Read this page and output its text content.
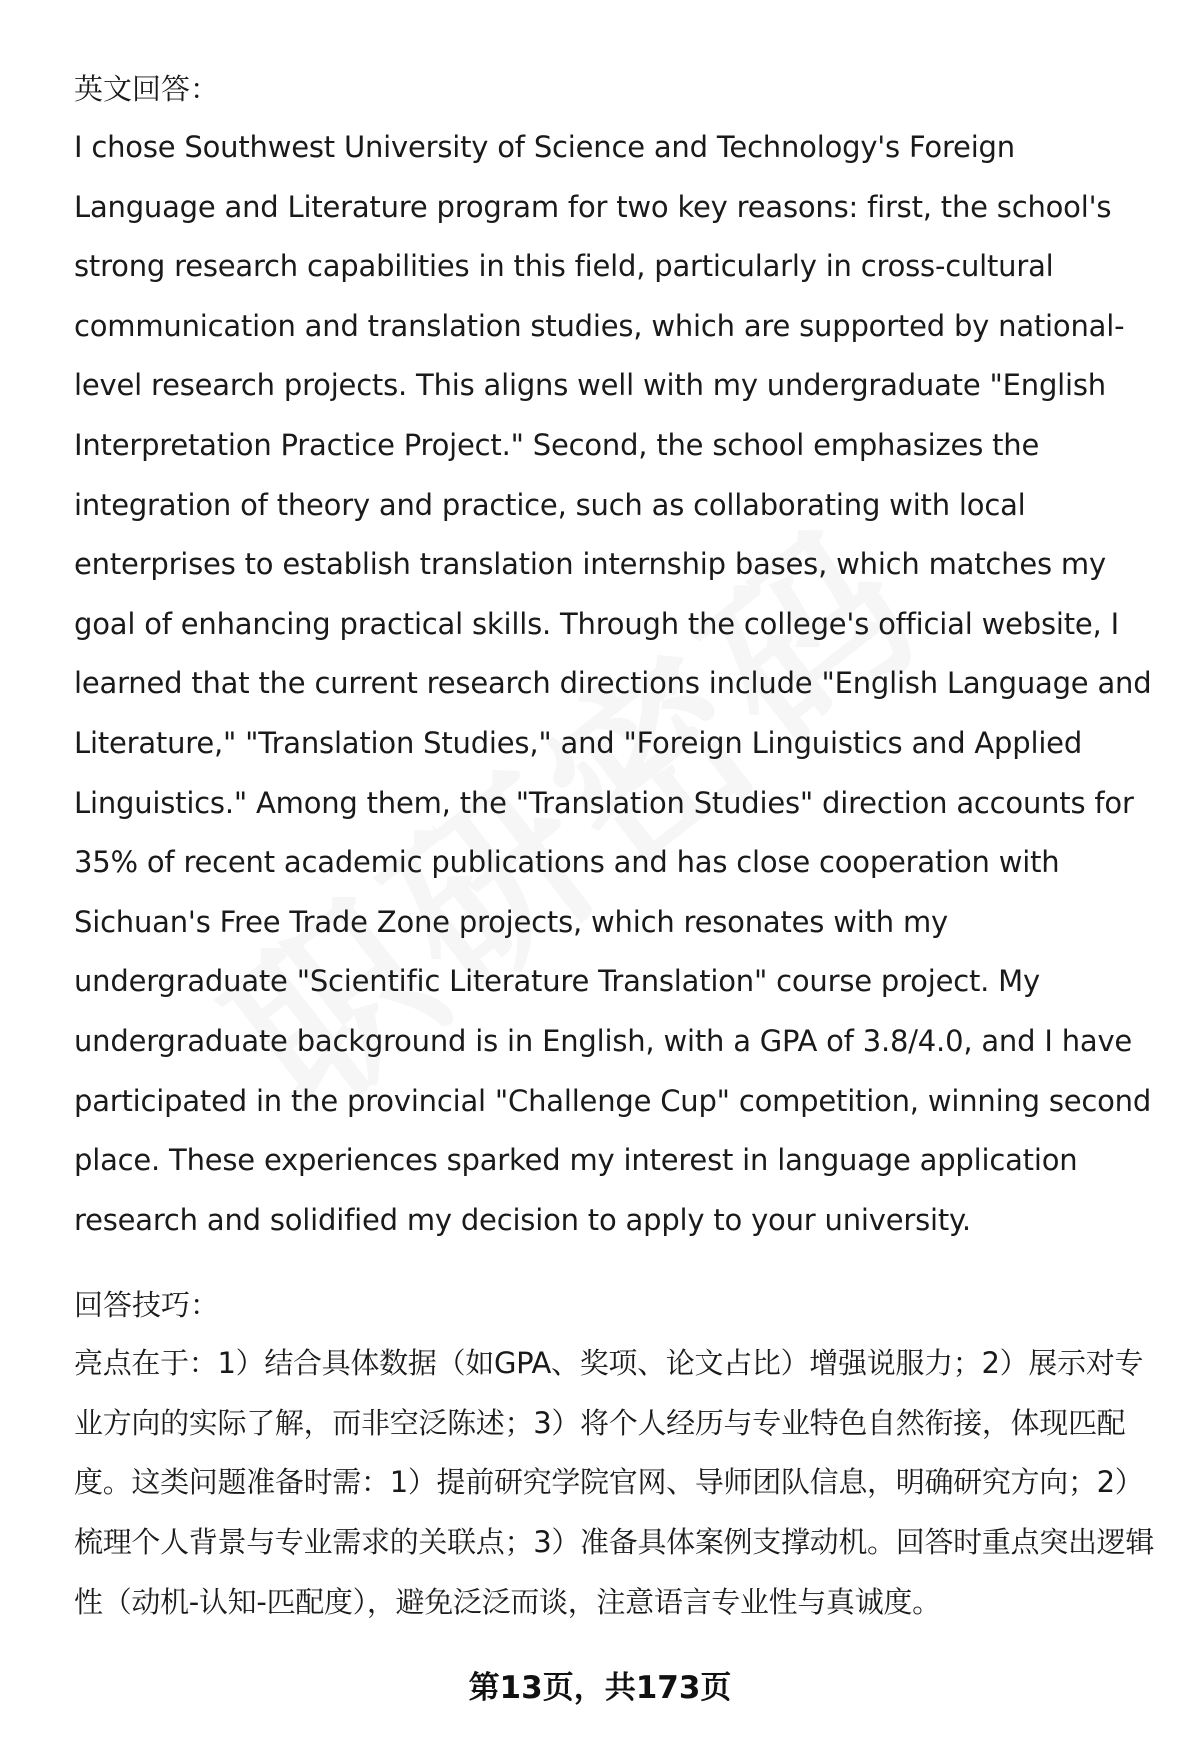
英文回答：

I chose Southwest University of Science and Technology's Foreign Language and Literature program for two key reasons: first, the school's strong research capabilities in this field, particularly in cross-cultural communication and translation studies, which are supported by national-level research projects. This aligns well with my undergraduate "English Interpretation Practice Project." Second, the school emphasizes the integration of theory and practice, such as collaborating with local enterprises to establish translation internship bases, which matches my goal of enhancing practical skills. Through the college's official website, I learned that the current research directions include "English Language and Literature," "Translation Studies," and "Foreign Linguistics and Applied Linguistics." Among them, the "Translation Studies" direction accounts for 35% of recent academic publications and has close cooperation with Sichuan's Free Trade Zone projects, which resonates with my undergraduate "Scientific Literature Translation" course project. My undergraduate background is in English, with a GPA of 3.8/4.0, and I have participated in the provincial "Challenge Cup" competition, winning second place. These experiences sparked my interest in language application research and solidified my decision to apply to your university.

回答技巧：

亮点在于：1）结合具体数据（如GPA、奖项、论文占比）增强说服力；2）展示对专业方向的实际了解，而非空泛陈述；3）将个人经历与专业特色自然衔接，体现匹配度。这类问题准备时需：1）提前研究学院官网、导师团队信息，明确研究方向；2）梳理个人背景与专业需求的关联点；3）准备具体案例支撑动机。回答时重点突出逻辑性（动机-认知-匹配度），避免泛泛而谈，注意语言专业性与真诚度。

第13页，共173页
